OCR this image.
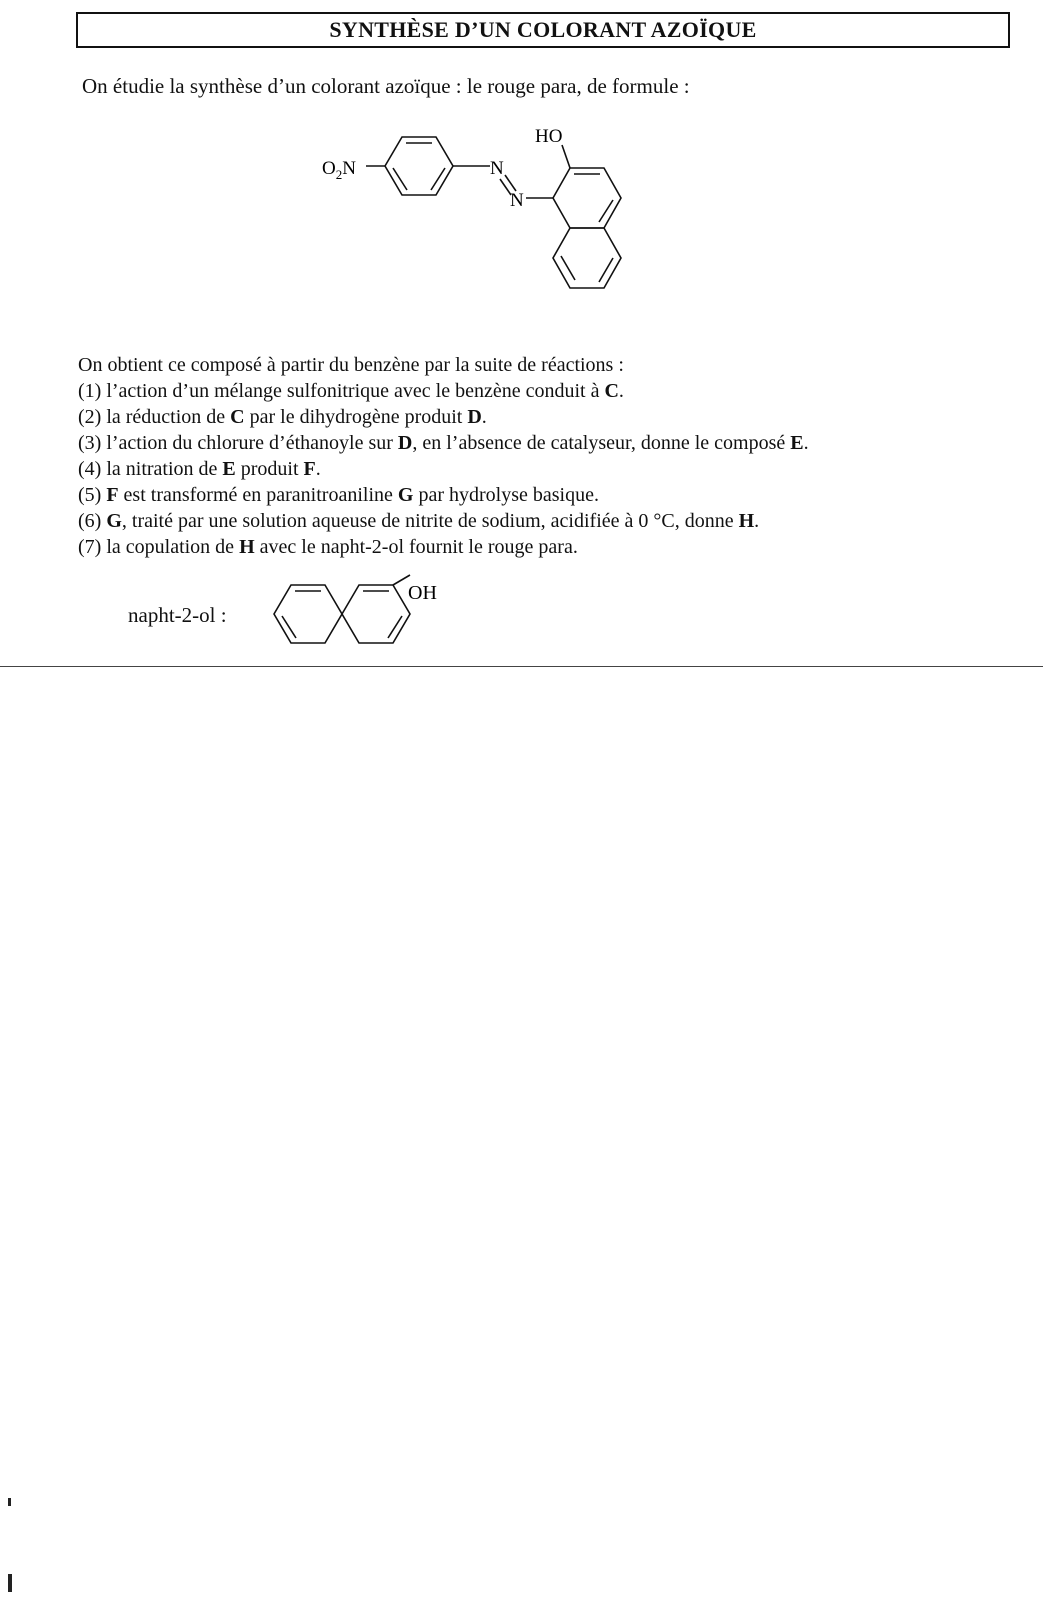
SYNTHÈSE D’UN COLORANT AZOÏQUE
On étudie la synthèse d’un colorant azoïque : le rouge para, de formule :
$O_2N$	N
N
HO
On obtient ce composé à partir du benzène par la suite de réactions :
(1) l’action d’un mélange sulfonitrique avec le benzène conduit à C.
(2) la réduction de C par le dihydrogène produit D.
(3) l’action du chlorure d’éthanoyle sur D, en l’absence de catalyseur, donne le composé E.
(4) la nitration de E produit F.
(5) F est transformé en paranitroaniline G par hydrolyse basique.
(6) G, traité par une solution aqueuse de nitrite de sodium, acidifiée à 0 °C, donne H.
(7) la copulation de H avec le napht-2-ol fournit le rouge para.
napht-2-ol :
OH
